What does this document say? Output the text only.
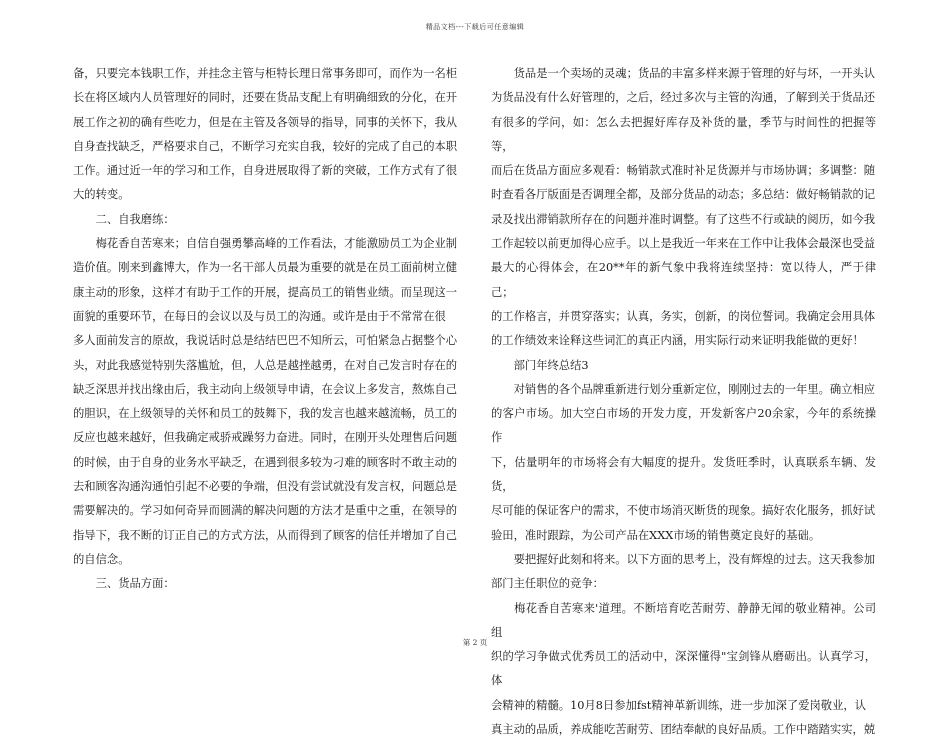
精品文档---下载后可任意编辑

备，只要完本钱职工作，并挂念主管与柜特长理日常事务即可，而作为一名柜
长在将区域内人员管理好的同时，还要在货品支配上有明确细致的分化，在开
展工作之初的确有些吃力，但是在主管及各领导的指导，同事的关怀下，我从
自身查找缺乏，严格要求自己，不断学习充实自我，较好的完成了自己的本职
工作。通过近一年的学习和工作，自身进展取得了新的突破，工作方式有了很
大的转变。

　　二、自我磨练：

　　梅花香自苦寒来；自信自强勇攀高峰的工作看法，才能激励员工为企业制
造价值。刚来到鑫博大，作为一名干部人员最为重要的就是在员工面前树立健
康主动的形象，这样才有助于工作的开展，提高员工的销售业绩。而呈现这一
面貌的重要环节，在每日的会议以及与员工的沟通。或许是由于不常常在很
多人面前发言的原故，我说话时总是结结巴巴不知所云，可怕紧急占据整个心
头，对此我感觉特别失落尴尬，但，人总是越挫越勇，在对自己发言时存在的
缺乏深思并找出缘由后，我主动向上级领导申请，在会议上多发言，熬炼自己
的胆识，在上级领导的关怀和员工的鼓舞下，我的发言也越来越流畅，员工的
反应也越来越好，但我确定戒骄戒躁努力奋进。同时，在刚开头处理售后问题
的时候，由于自身的业务水平缺乏，在遇到很多较为刁难的顾客时不敢主动的
去和顾客沟通沟通怕引起不必要的争端，但没有尝试就没有发言权，问题总是
需要解决的。学习如何奇异而圆满的解决问题的方法才是重中之重，在领导的
指导下，我不断的订正自己的方式方法，从而得到了顾客的信任并增加了自己
的自信念。

　　三、货品方面：

　　货品是一个卖场的灵魂；货品的丰富多样来源于管理的好与坏，一开头认
为货品没有什么好管理的，之后，经过多次与主管的沟通，了解到关于货品还
有很多的学问，如：怎么去把握好库存及补货的量，季节与时间性的把握等等，
而后在货品方面应多观看：畅销款式准时补足货源并与市场协调；多调整：随
时查看各厅版面是否调理全都，及部分货品的动态；多总结：做好畅销款的记
录及找出滞销款所存在的问题并准时调整。有了这些不行或缺的阅历，如今我
工作起较以前更加得心应手。以上是我近一年来在工作中让我体会最深也受益
最大的心得体会，在20**年的新气象中我将连续坚持：宽以待人，严于律己；
的工作格言，并贯穿落实；认真，务实，创新，的岗位誓词。我确定会用具体
的工作绩效来诠释这些词汇的真正内涵，用实际行动来证明我能做的更好！

　　部门年终总结3

　　对销售的各个品牌重新进行划分重新定位，刚刚过去的一年里。确立相应
的客户市场。加大空白市场的开发力度，开发新客户20余家，今年的系统操作
下，估量明年的市场将会有大幅度的提升。发货旺季时，认真联系车辆、发货，
尽可能的保证客户的需求，不使市场消灭断货的现象。搞好农化服务，抓好试
验田，准时跟踪，为公司产品在XXX市场的销售奠定良好的基础。

　　要把握好此刻和将来。以下方面的思考上，没有辉煌的过去。这天我参加
部门主任职位的竞争：

　　梅花香自苦寒来'道理。不断培育吃苦耐劳、静静无闻的敬业精神。公司组
织的学习争做式优秀员工的活动中，深深懂得"宝剑锋从磨砺出。认真学习，体
会精神的精髓。10月8日参加fst精神革新训练，进一步加深了爱岗敬业，认
真主动的品质，养成能吃苦耐劳、团结奉献的良好品质。工作中踏踏实实，兢

第 2 页
